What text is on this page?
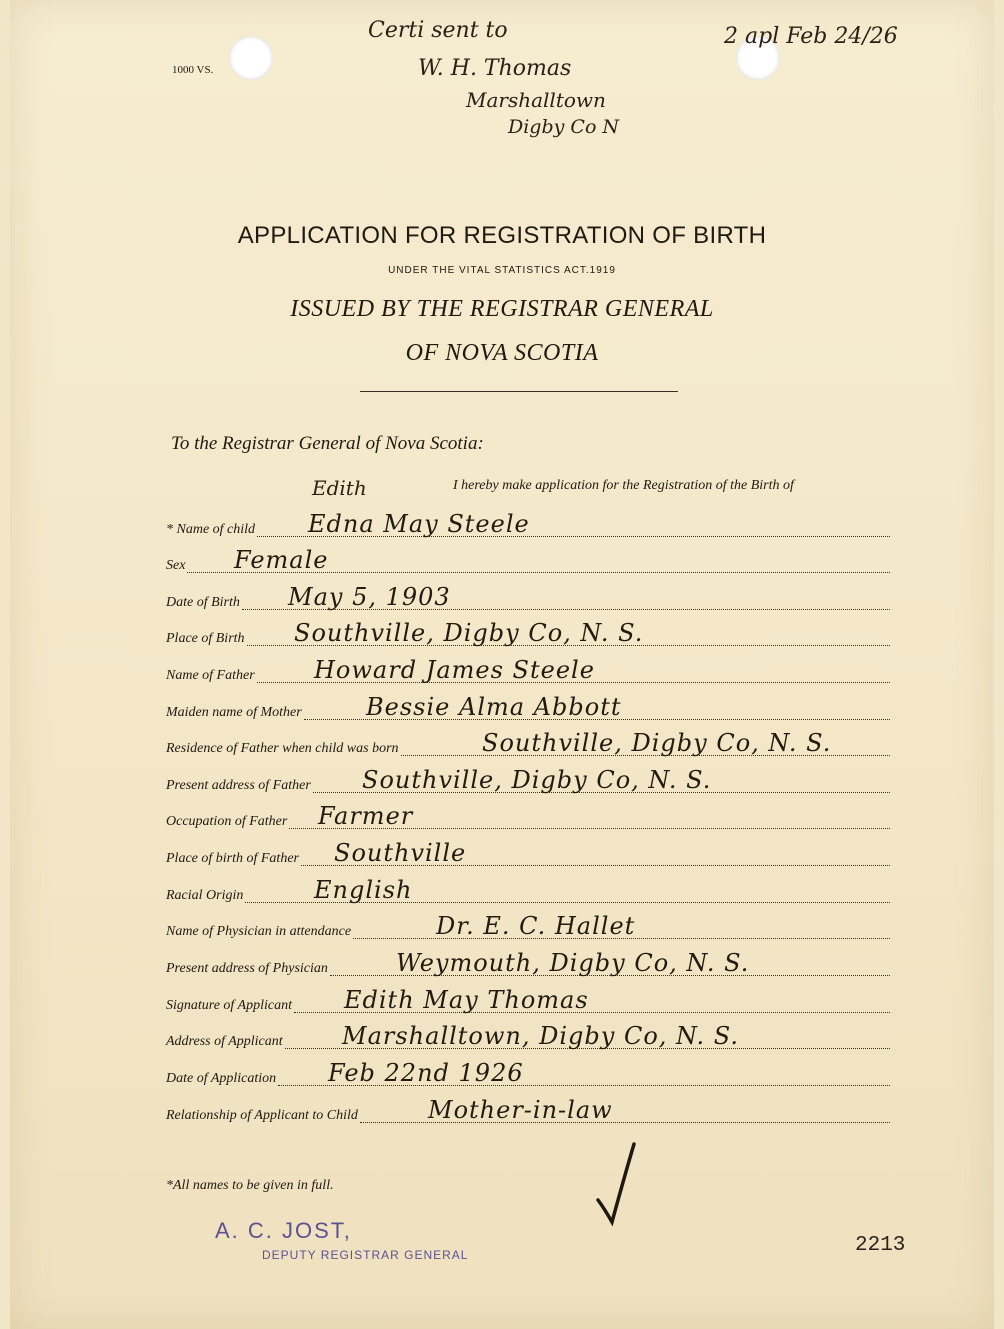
1000 VS.
Certi sent to
W. H. Thomas
Marshalltown
Digby Co N
2 apl Feb 24/26
APPLICATION FOR REGISTRATION OF BIRTH
UNDER THE VITAL STATISTICS ACT.1919
ISSUED BY THE REGISTRAR GENERAL
OF NOVA SCOTIA
To the Registrar General of Nova Scotia:
I hereby make application for the Registration of the Birth of
Edith
* Name of child Edna May Steele
Sex Female
Date of Birth May 5, 1903
Place of Birth Southville, Digby Co, N. S.
Name of Father Howard James Steele
Maiden name of Mother	Bessie Alma Abbott
Residence of Father when child was born	Southville, Digby Co, N. S.
Present address of Father Southville, Digby Co, N. S.
Occupation of Father Farmer
Place of birth of Father Southville
Racial Origin	English
Name of Physician in attendance	Dr. E. C. Hallet
Present address of Physician	Weymouth, Digby Co, N. S.
Signature of Applicant Edith May Thomas
Address of Applicant Marshalltown, Digby Co, N. S.
Date of Application Feb 22nd 1926
Relationship of Applicant to Child	Mother-in-law
*All names to be given in full.
A. C. JOST,
DEPUTY REGISTRAR GENERAL	2213
